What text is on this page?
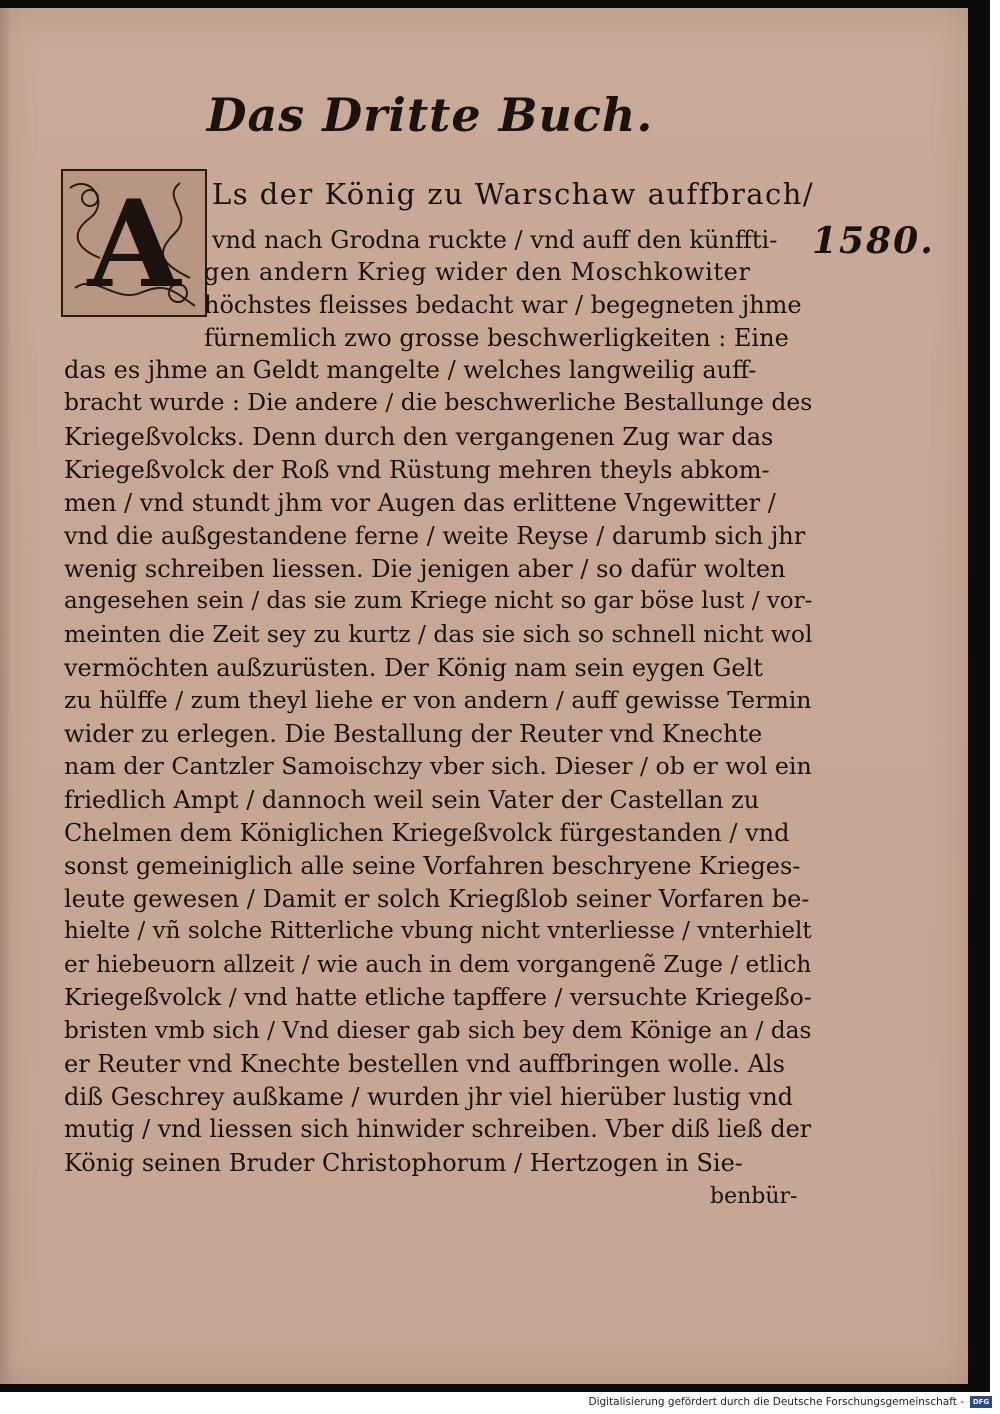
Das Dritte Buch.
A Ls der König zu Warschaw auffbrach/
vnd nach Grodna ruckte / vnd auff den künffti-
gen andern Krieg wider den Moschkowiter
höchstes fleisses bedacht war / begegneten jhme
fürnemlich zwo grosse beschwerligkeiten : Eine
das es jhme an Geldt mangelte / welches langweilig auff-
bracht wurde : Die andere / die beschwerliche Bestallunge des
Kriegeßvolcks. Denn durch den vergangenen Zug war das
Kriegeßvolck der Roß vnd Rüstung mehren theyls abkom-
men / vnd stundt jhm vor Augen das erlittene Vngewitter /
vnd die außgestandene ferne / weite Reyse / darumb sich jhr
wenig schreiben liessen. Die jenigen aber / so dafür wolten
angesehen sein / das sie zum Kriege nicht so gar böse lust / vor-
meinten die Zeit sey zu kurtz / das sie sich so schnell nicht wol
vermöchten außzurüsten. Der König nam sein eygen Gelt
zu hülffe / zum theyl liehe er von andern / auff gewisse Termin
wider zu erlegen. Die Bestallung der Reuter vnd Knechte
nam der Cantzler Samoischzy vber sich. Dieser / ob er wol ein
friedlich Ampt / dannoch weil sein Vater der Castellan zu
Chelmen dem Königlichen Kriegeßvolck fürgestanden / vnd
sonst gemeiniglich alle seine Vorfahren beschryene Krieges-
leute gewesen / Damit er solch Kriegßlob seiner Vorfaren be-
hielte / vñ solche Ritterliche vbung nicht vnterliesse / vnterhielt
er hiebeuorn allzeit / wie auch in dem vorgangenẽ Zuge / etlich
Kriegeßvolck / vnd hatte etliche tapffere / versuchte Kriegeßo-
bristen vmb sich / Vnd dieser gab sich bey dem Könige an / das
er Reuter vnd Knechte bestellen vnd auffbringen wolle. Als
diß Geschrey außkame / wurden jhr viel hierüber lustig vnd
mutig / vnd liessen sich hinwider schreiben. Vber diß ließ der
König seinen Bruder Christophorum / Hertzogen in Sie-
benbür-
1580.
Digitalisierung gefördert durch die Deutsche Forschungsgemeinschaft -	DFG
